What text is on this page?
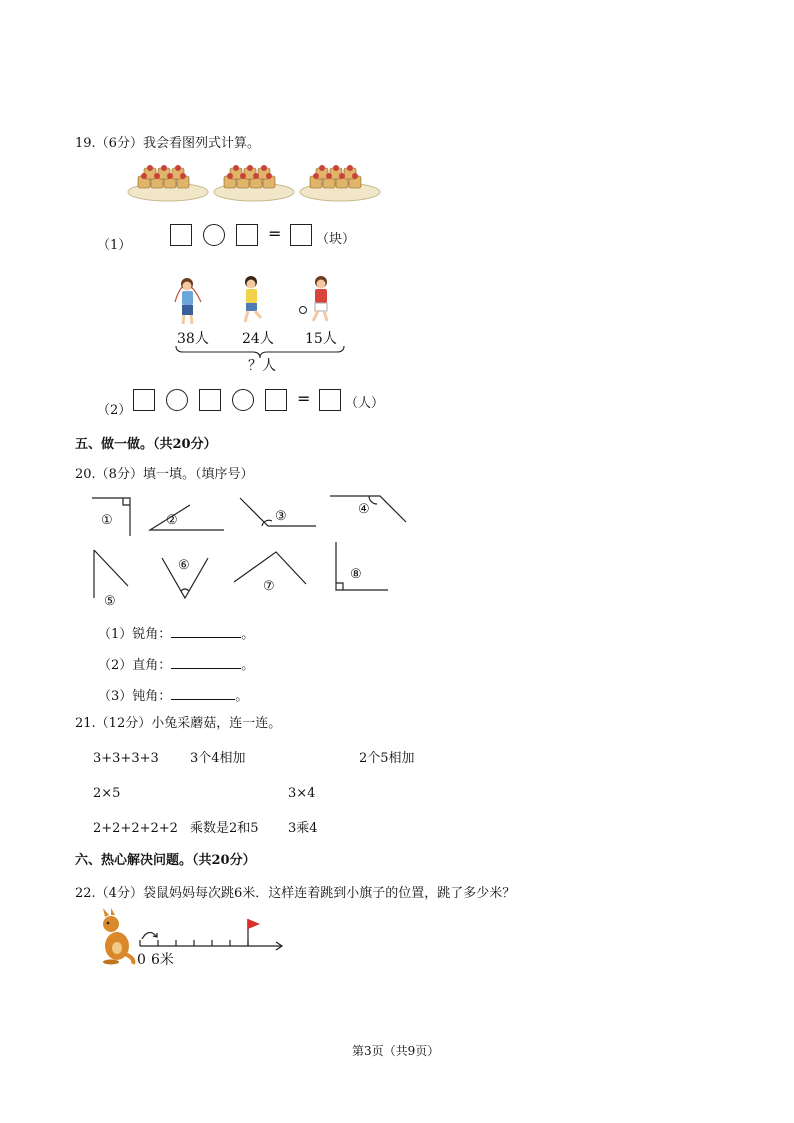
19.（6分）我会看图列式计算。
（1）
=	（块）
38人 24人 15人
？人
（2）
=	（人）
五、做一做。（共20分）
20.（8分）填一填。（填序号）
①	②	③	④
⑤
⑥
⑦
⑧
（1）锐角：	。
（2）直角：	。
（3）钝角：	。
21.（12分）小兔采蘑菇，连一连。
3+3+3+3 3个4相加	2个5相加
2×5	3×4
2+2+2+2+2 乘数是2和5 3乘4
六、热心解决问题。（共20分）
22.（4分）袋鼠妈妈每次跳6米．这样连着跳到小旗子的位置，跳了多少米？
0 6米
第3页（共9页）
